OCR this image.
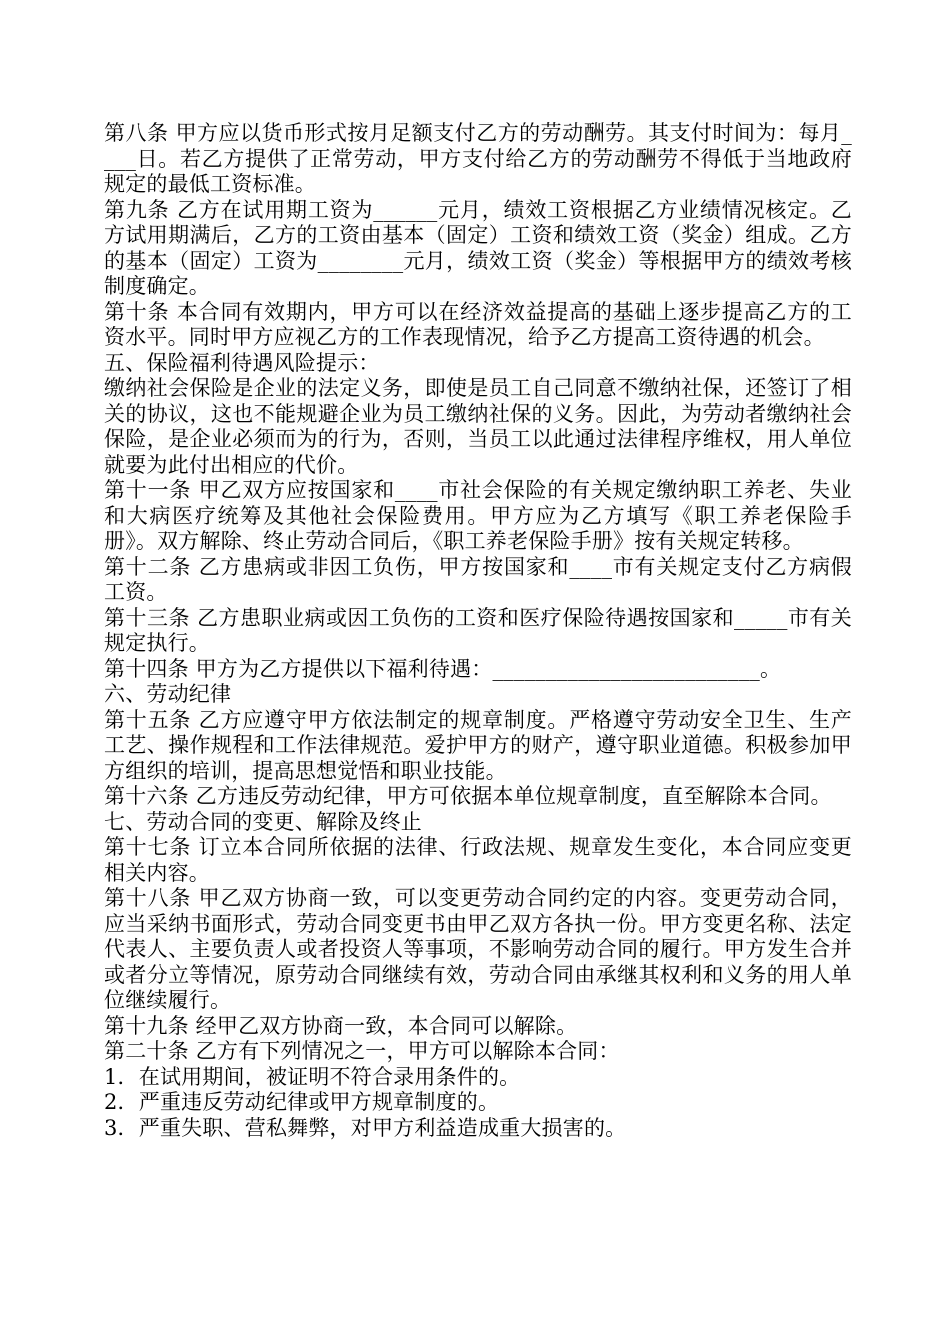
第八条 甲方应以货币形式按月足额支付乙方的劳动酬劳。其支付时间为：每月____日。若乙方提供了正常劳动，甲方支付给乙方的劳动酬劳不得低于当地政府规定的最低工资标准。

第九条 乙方在试用期工资为______元月，绩效工资根据乙方业绩情况核定。乙方试用期满后，乙方的工资由基本（固定）工资和绩效工资（奖金）组成。乙方的基本（固定）工资为________元月，绩效工资（奖金）等根据甲方的绩效考核制度确定。

第十条 本合同有效期内，甲方可以在经济效益提高的基础上逐步提高乙方的工资水平。同时甲方应视乙方的工作表现情况，给予乙方提高工资待遇的机会。

五、保险福利待遇风险提示：

缴纳社会保险是企业的法定义务，即使是员工自己同意不缴纳社保，还签订了相关的协议，这也不能规避企业为员工缴纳社保的义务。因此，为劳动者缴纳社会保险，是企业必须而为的行为，否则，当员工以此通过法律程序维权，用人单位就要为此付出相应的代价。

第十一条 甲乙双方应按国家和____市社会保险的有关规定缴纳职工养老、失业和大病医疗统筹及其他社会保险费用。甲方应为乙方填写《职工养老保险手册》。双方解除、终止劳动合同后，《职工养老保险手册》按有关规定转移。

第十二条 乙方患病或非因工负伤，甲方按国家和____市有关规定支付乙方病假工资。

第十三条 乙方患职业病或因工负伤的工资和医疗保险待遇按国家和_____市有关规定执行。

第十四条 甲方为乙方提供以下福利待遇：_________________________。

六、劳动纪律

第十五条 乙方应遵守甲方依法制定的规章制度。严格遵守劳动安全卫生、生产工艺、操作规程和工作法律规范。爱护甲方的财产，遵守职业道德。积极参加甲方组织的培训，提高思想觉悟和职业技能。

第十六条 乙方违反劳动纪律，甲方可依据本单位规章制度，直至解除本合同。

七、劳动合同的变更、解除及终止

第十七条 订立本合同所依据的法律、行政法规、规章发生变化，本合同应变更相关内容。

第十八条 甲乙双方协商一致，可以变更劳动合同约定的内容。变更劳动合同，应当采纳书面形式，劳动合同变更书由甲乙双方各执一份。甲方变更名称、法定代表人、主要负责人或者投资人等事项，不影响劳动合同的履行。甲方发生合并或者分立等情况，原劳动合同继续有效，劳动合同由承继其权利和义务的用人单位继续履行。

第十九条 经甲乙双方协商一致，本合同可以解除。

第二十条 乙方有下列情况之一，甲方可以解除本合同：

1．在试用期间，被证明不符合录用条件的。

2．严重违反劳动纪律或甲方规章制度的。

3．严重失职、营私舞弊，对甲方利益造成重大损害的。
